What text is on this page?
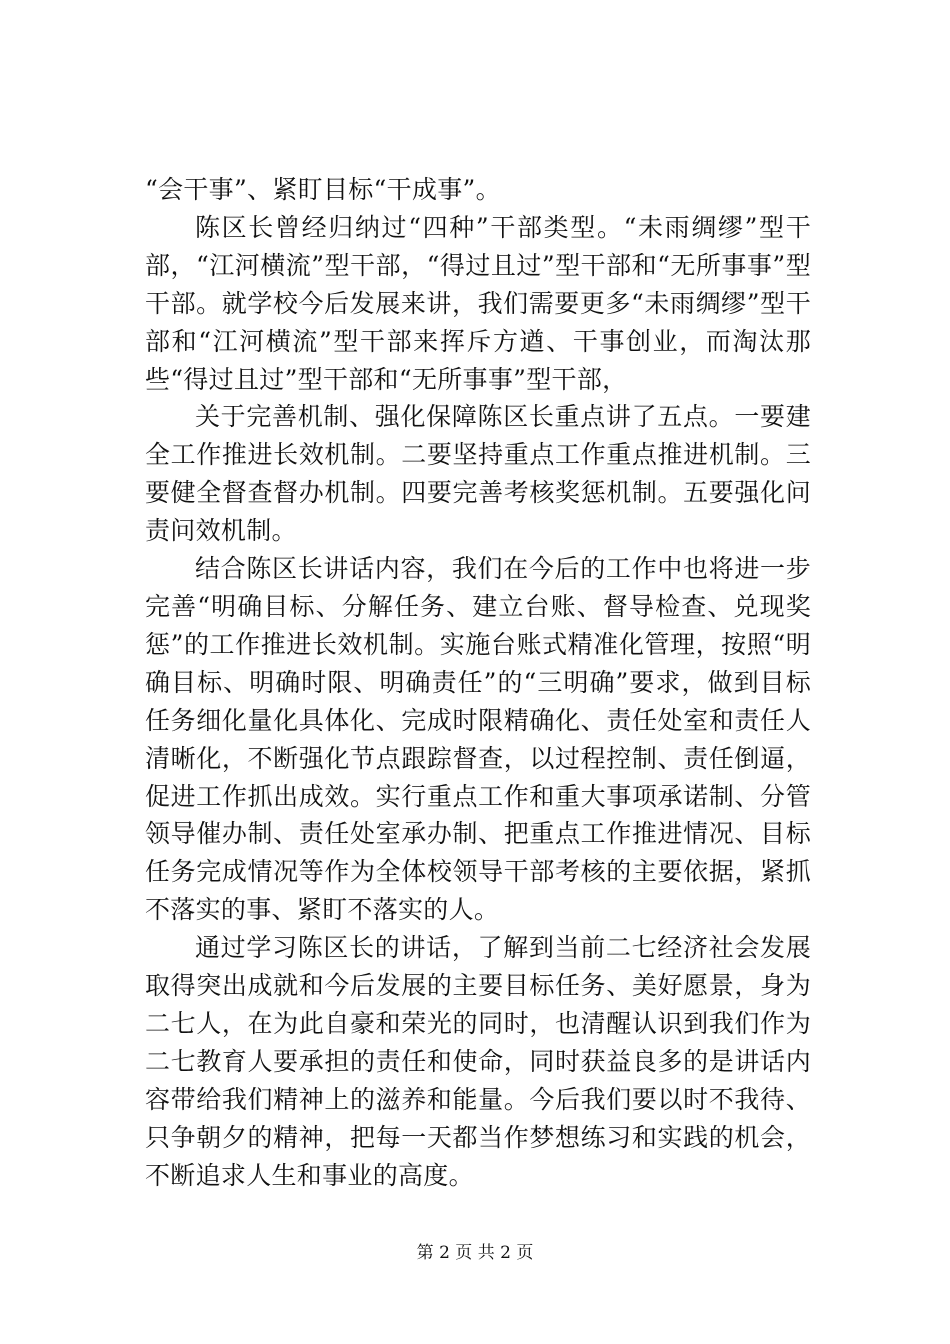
“会干事”、紧盯目标“干成事”。

陈区长曾经归纳过“四种”干部类型。“未雨绸缪”型干部，“江河横流”型干部，“得过且过”型干部和“无所事事”型干部。就学校今后发展来讲，我们需要更多“未雨绸缪”型干部和“江河横流”型干部来挥斥方遒、干事创业，而淘汰那些“得过且过”型干部和“无所事事”型干部，

关于完善机制、强化保障陈区长重点讲了五点。一要建全工作推进长效机制。二要坚持重点工作重点推进机制。三要健全督查督办机制。四要完善考核奖惩机制。五要强化问责问效机制。

结合陈区长讲话内容，我们在今后的工作中也将进一步完善“明确目标、分解任务、建立台账、督导检查、兑现奖惩”的工作推进长效机制。实施台账式精准化管理，按照“明确目标、明确时限、明确责任”的“三明确”要求，做到目标任务细化量化具体化、完成时限精确化、责任处室和责任人清晰化，不断强化节点跟踪督查，以过程控制、责任倒逼，促进工作抓出成效。实行重点工作和重大事项承诺制、分管领导催办制、责任处室承办制、把重点工作推进情况、目标任务完成情况等作为全体校领导干部考核的主要依据，紧抓不落实的事、紧盯不落实的人。

通过学习陈区长的讲话，了解到当前二七经济社会发展取得突出成就和今后发展的主要目标任务、美好愿景，身为二七人，在为此自豪和荣光的同时，也清醒认识到我们作为二七教育人要承担的责任和使命，同时获益良多的是讲话内容带给我们精神上的滋养和能量。今后我们要以时不我待、只争朝夕的精神，把每一天都当作梦想练习和实践的机会，不断追求人生和事业的高度。

第 2 页 共 2 页
